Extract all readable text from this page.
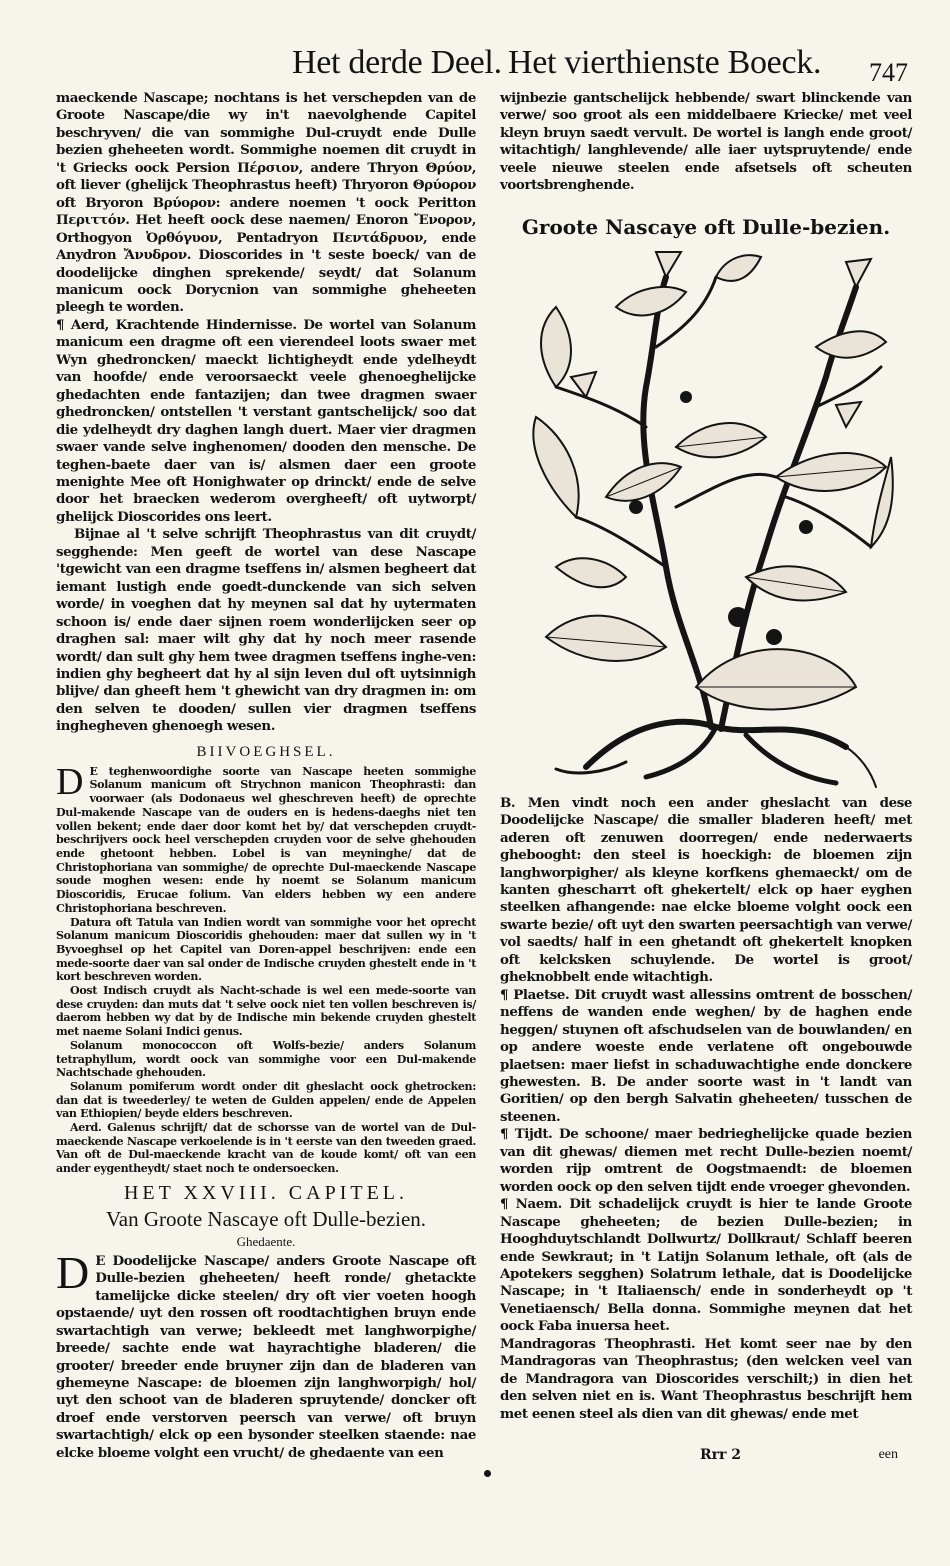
Het derde Deel. Het vierthienste Boeck. 747

maeckende Nascape; nochtans is het verschepden van de Groote Nascape/die wy in't naevolghende Capitel beschryven/ die van sommighe Dul-cruydt ende Dulle bezien gheheeten wordt. Sommighe noemen dit cruydt in 't Griecks oock Persion Πέρσιον, andere Thryon Θρύον, oft liever (ghelijck Theophrastus heeft) Thryoron Θρύορον oft Bryoron Βρύορον: andere noemen 't oock Peritton Περιττόν. Het heeft oock dese naemen/ Enoron Ἔνορον, Orthogyon Ὀρθόγυον, Pentadryon Πεντάδρυον, ende Anydron Ἄνυδρον. Dioscorides in 't seste boeck/ van de doodelijcke dinghen sprekende/ seydt/ dat Solanum manicum oock Dorycnion van sommighe gheheeten pleegh te worden.

¶ Aerd, Krachtende Hindernisse. De wortel van Solanum manicum een dragme oft een vierendeel loots swaer met Wyn ghedroncken/ maeckt lichtigheydt ende ydelheydt van hoofde/ ende veroorsaeckt veele ghenoeghelijcke ghedachten ende fantazijen; dan twee dragmen swaer ghedroncken/ ontstellen 't verstant gantschelijck/ soo dat die ydelheydt dry daghen langh duert. Maer vier dragmen swaer vande selve inghenomen/ dooden den mensche. De teghen-baete daer van is/ alsmen daer een groote menighte Mee oft Honighwater op drinckt/ ende de selve door het braecken wederom overgheeft/ oft uytworpt/ ghelijck Dioscorides ons leert.

Bijnae al 't selve schrijft Theophrastus van dit cruydt/ segghende: Men geeft de wortel van dese Nascape 'tgewicht van een dragme tseffens in/ alsmen begheert dat iemant lustigh ende goedt-dunckende van sich selven worde/ in voeghen dat hy meynen sal dat hy uytermaten schoon is/ ende daer sijnen roem wonderlijcken seer op draghen sal: maer wilt ghy dat hy noch meer rasende wordt/ dan sult ghy hem twee dragmen tseffens inghe-ven: indien ghy begheert dat hy al sijn leven dul oft uytsinnigh blijve/ dan gheeft hem 't ghewicht van dry dragmen in: om den selven te dooden/ sullen vier dragmen tseffens inghegheven ghenoegh wesen.

BIIVOEGHSEL.

D E teghenwoordighe soorte van Nascape heeten sommighe Solanum manicum oft Strychnon manicon Theophrasti: dan voorwaer (als Dodonaeus wel gheschreven heeft) de oprechte Dul-makende Nascape van de ouders en is hedens-daeghs niet ten vollen bekent; ende daer door komt het by/ dat verschepden cruydt-beschrijvers oock heel verschepden cruyden voor de selve ghehouden ende ghetoont hebben. Lobel is van meyninghe/ dat de Christophoriana van sommighe/ de oprechte Dul-maeckende Nascape soude moghen wesen: ende hy noemt se Solanum manicum Dioscoridis, Erucae folium. Van elders hebben wy een andere Christophoriana beschreven.

Datura oft Tatula van Indien wordt van sommighe voor het oprecht Solanum manicum Dioscoridis ghehouden: maer dat sullen wy in 't Byvoeghsel op het Capitel van Doren-appel beschrijven: ende een mede-soorte daer van sal onder de Indische cruyden ghestelt ende in 't kort beschreven worden.

Oost Indisch cruydt als Nacht-schade is wel een mede-soorte van dese cruyden: dan muts dat 't selve oock niet ten vollen beschreven is/ daerom hebben wy dat by de Indische min bekende cruyden ghestelt met naeme Solani Indici genus.

Solanum monococcon oft Wolfs-bezie/ anders Solanum tetraphyllum, wordt oock van sommighe voor een Dul-makende Nachtschade ghehouden.

Solanum pomiferum wordt onder dit gheslacht oock ghetrocken: dan dat is tweederley/ te weten de Gulden appelen/ ende de Appelen van Ethiopien/ beyde elders beschreven.

Aerd. Galenus schrijft/ dat de schorsse van de wortel van de Dul-maeckende Nascape verkoelende is in 't eerste van den tweeden graed. Van oft de Dul-maeckende kracht van de koude komt/ oft van een ander eygentheydt/ staet noch te ondersoecken.

HET XXVIII. CAPITEL.

Van Groote Nascaye oft Dulle-bezien.

Ghedaente.

D E Doodelijcke Nascape/ anders Groote Nascape oft Dulle-bezien gheheeten/ heeft ronde/ ghetackte tamelijcke dicke steelen/ dry oft vier voeten hoogh opstaende/ uyt den rossen oft roodtachtighen bruyn ende swartachtigh van verwe; bekleedt met langhworpighe/ breede/ sachte ende wat hayrachtighe bladeren/ die grooter/ breeder ende bruyner zijn dan de bladeren van ghemeyne Nascape: de bloemen zijn langhworpigh/ hol/ uyt den schoot van de bladeren spruytende/ doncker oft droef ende verstorven peersch van verwe/ oft bruyn swartachtigh/ elck op een bysonder steelken staende: nae elcke bloeme volght een vrucht/ de ghedaente van een

wijnbezie gantschelijck hebbende/ swart blinckende van verwe/ soo groot als een middelbaere Kriecke/ met veel kleyn bruyn saedt vervult. De wortel is langh ende groot/ witachtigh/ langhlevende/ alle iaer uytspruytende/ ende veele nieuwe steelen ende afsetsels oft scheuten voortsbrenghende.

Groote Nascaye oft Dulle-bezien.

B. Men vindt noch een ander gheslacht van dese Doodelijcke Nascape/ die smaller bladeren heeft/ met aderen oft zenuwen doorregen/ ende nederwaerts ghebooght: den steel is hoeckigh: de bloemen zijn langhworpigher/ als kleyne korfkens ghemaeckt/ om de kanten ghescharrt oft ghekertelt/ elck op haer eyghen steelken afhangende: nae elcke bloeme volght oock een swarte bezie/ oft uyt den swarten peersachtigh van verwe/ vol saedts/ half in een ghetandt oft ghekertelt knopken oft kelcksken schuylende. De wortel is groot/ gheknobbelt ende witachtigh.

¶ Plaetse. Dit cruydt wast allessins omtrent de bosschen/ neffens de wanden ende weghen/ by de haghen ende heggen/ stuynen oft afschudselen van de bouwlanden/ en op andere woeste ende verlatene oft ongebouwde plaetsen: maer liefst in schaduwachtighe ende donckere ghewesten. B. De ander soorte wast in 't landt van Goritien/ op den bergh Salvatin gheheeten/ tusschen de steenen.

¶ Tijdt. De schoone/ maer bedrieghelijcke quade bezien van dit ghewas/ diemen met recht Dulle-bezien noemt/ worden rijp omtrent de Oogstmaendt: de bloemen worden oock op den selven tijdt ende vroeger ghevonden.

¶ Naem. Dit schadelijck cruydt is hier te lande Groote Nascape gheheeten; de bezien Dulle-bezien; in Hooghduytschlandt Dollwurtz/ Dollkraut/ Schlaff beeren ende Sewkraut; in 't Latijn Solanum lethale, oft (als de Apotekers segghen) Solatrum lethale, dat is Doodelijcke Nascape; in 't Italiaensch/ ende in sonderheydt op 't Venetiaensch/ Bella donna. Sommighe meynen dat het oock Faba inuersa heet.

Mandragoras Theophrasti. Het komt seer nae by den Mandragoras van Theophrastus; (den welcken veel van de Mandragora van Dioscorides verschilt;) in dien het den selven niet en is. Want Theophrastus beschrijft hem met eenen steel als dien van dit ghewas/ ende met

Rrr 2	een
